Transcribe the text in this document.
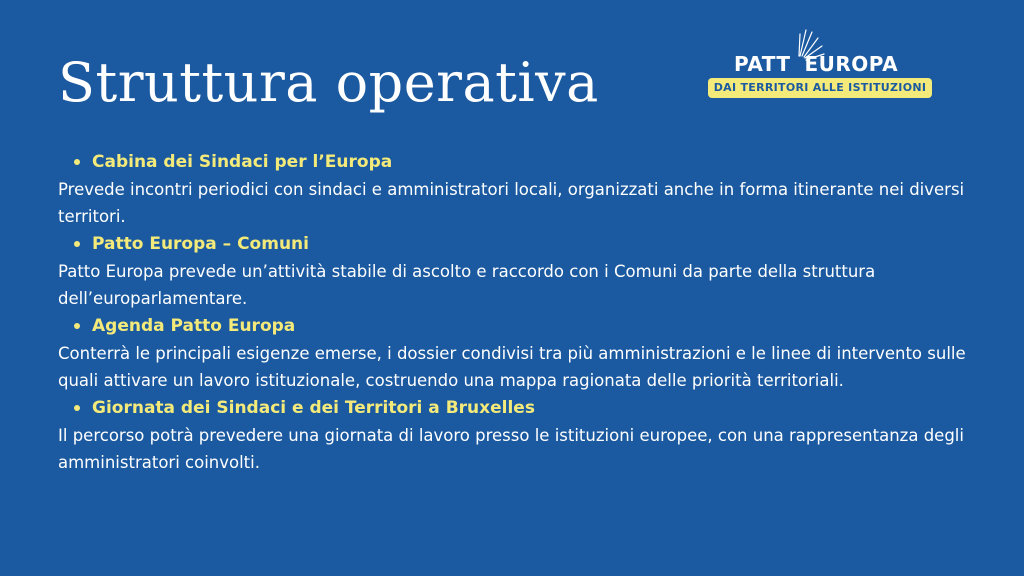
Struttura operativa	PATT EUROPA
DAI TERRITORI ALLE ISTITUZIONI
Cabina dei Sindaci per l’Europa

Prevede incontri periodici con sindaci e amministratori locali, organizzati anche in forma itinerante nei diversi territori.

Patto Europa – Comuni

Patto Europa prevede un’attività stabile di ascolto e raccordo con i Comuni da parte della struttura dell’europarlamentare.

Agenda Patto Europa

Conterrà le principali esigenze emerse, i dossier condivisi tra più amministrazioni e le linee di intervento sulle quali attivare un lavoro istituzionale, costruendo una mappa ragionata delle priorità territoriali.

Giornata dei Sindaci e dei Territori a Bruxelles

Il percorso potrà prevedere una giornata di lavoro presso le istituzioni europee, con una rappresentanza degli amministratori coinvolti.
